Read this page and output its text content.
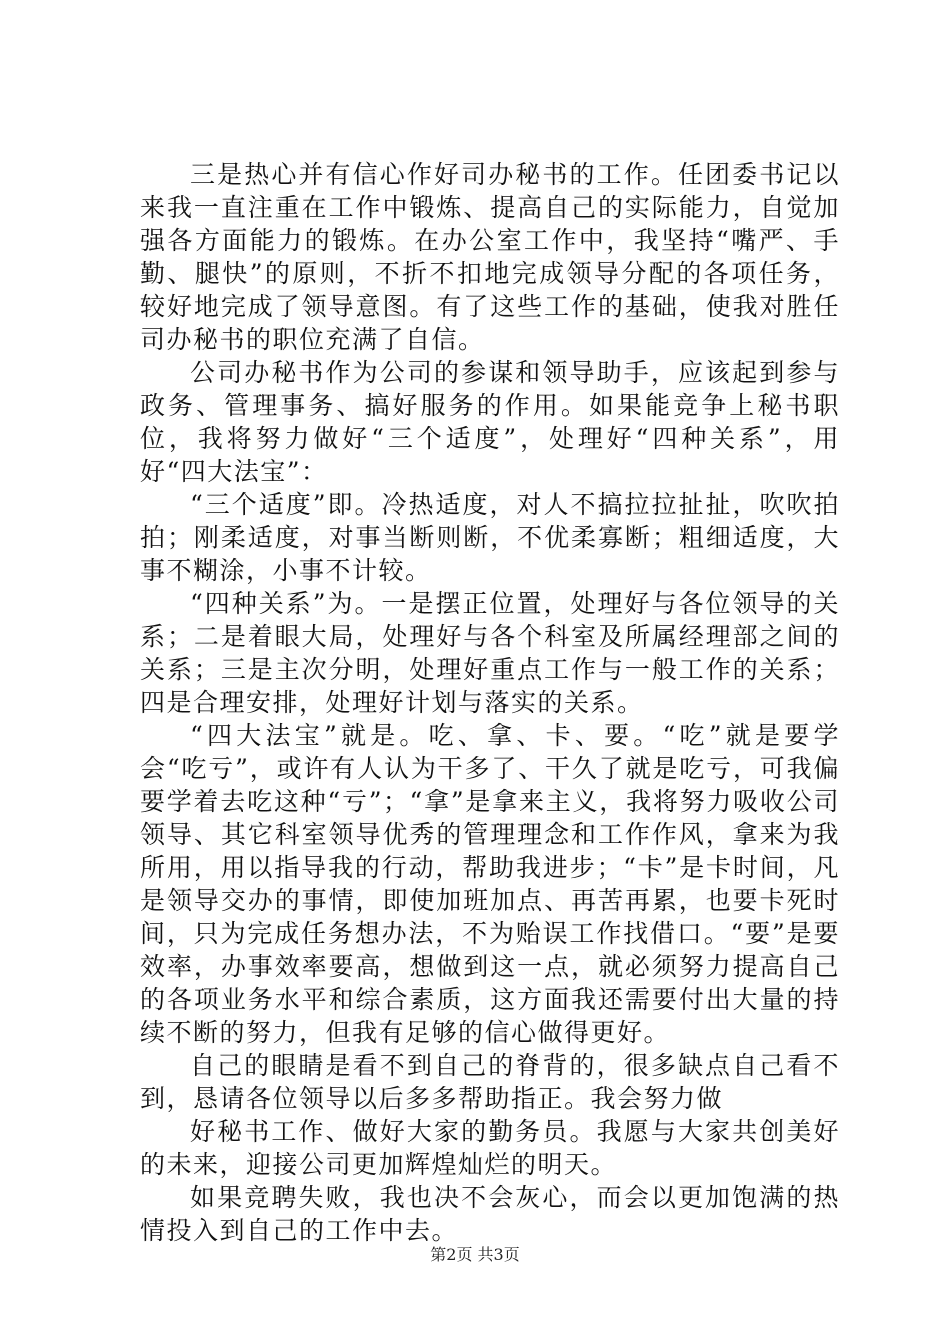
三是热心并有信心作好司办秘书的工作。任团委书记以来我一直注重在工作中锻炼、提高自己的实际能力，自觉加强各方面能力的锻炼。在办公室工作中，我坚持“嘴严、手勤、腿快”的原则，不折不扣地完成领导分配的各项任务，较好地完成了领导意图。有了这些工作的基础，使我对胜任司办秘书的职位充满了自信。

公司办秘书作为公司的参谋和领导助手，应该起到参与政务、管理事务、搞好服务的作用。如果能竞争上秘书职位，我将努力做好“三个适度”，处理好“四种关系”，用好“四大法宝”：

“三个适度”即。冷热适度，对人不搞拉拉扯扯，吹吹拍拍；刚柔适度，对事当断则断，不优柔寡断；粗细适度，大事不糊涂，小事不计较。

“四种关系”为。一是摆正位置，处理好与各位领导的关系；二是着眼大局，处理好与各个科室及所属经理部之间的关系；三是主次分明，处理好重点工作与一般工作的关系；四是合理安排，处理好计划与落实的关系。

“四大法宝”就是。吃、拿、卡、要。“吃”就是要学会“吃亏”，或许有人认为干多了、干久了就是吃亏，可我偏要学着去吃这种“亏”；“拿”是拿来主义，我将努力吸收公司领导、其它科室领导优秀的管理理念和工作作风，拿来为我所用，用以指导我的行动，帮助我进步；“卡”是卡时间，凡是领导交办的事情，即使加班加点、再苦再累，也要卡死时间，只为完成任务想办法，不为贻误工作找借口。“要”是要效率，办事效率要高，想做到这一点，就必须努力提高自己的各项业务水平和综合素质，这方面我还需要付出大量的持续不断的努力，但我有足够的信心做得更好。

自己的眼睛是看不到自己的脊背的，很多缺点自己看不到，恳请各位领导以后多多帮助指正。我会努力做

好秘书工作、做好大家的勤务员。我愿与大家共创美好的未来，迎接公司更加辉煌灿烂的明天。

如果竞聘失败，我也决不会灰心，而会以更加饱满的热情投入到自己的工作中去。

第2页 共3页
